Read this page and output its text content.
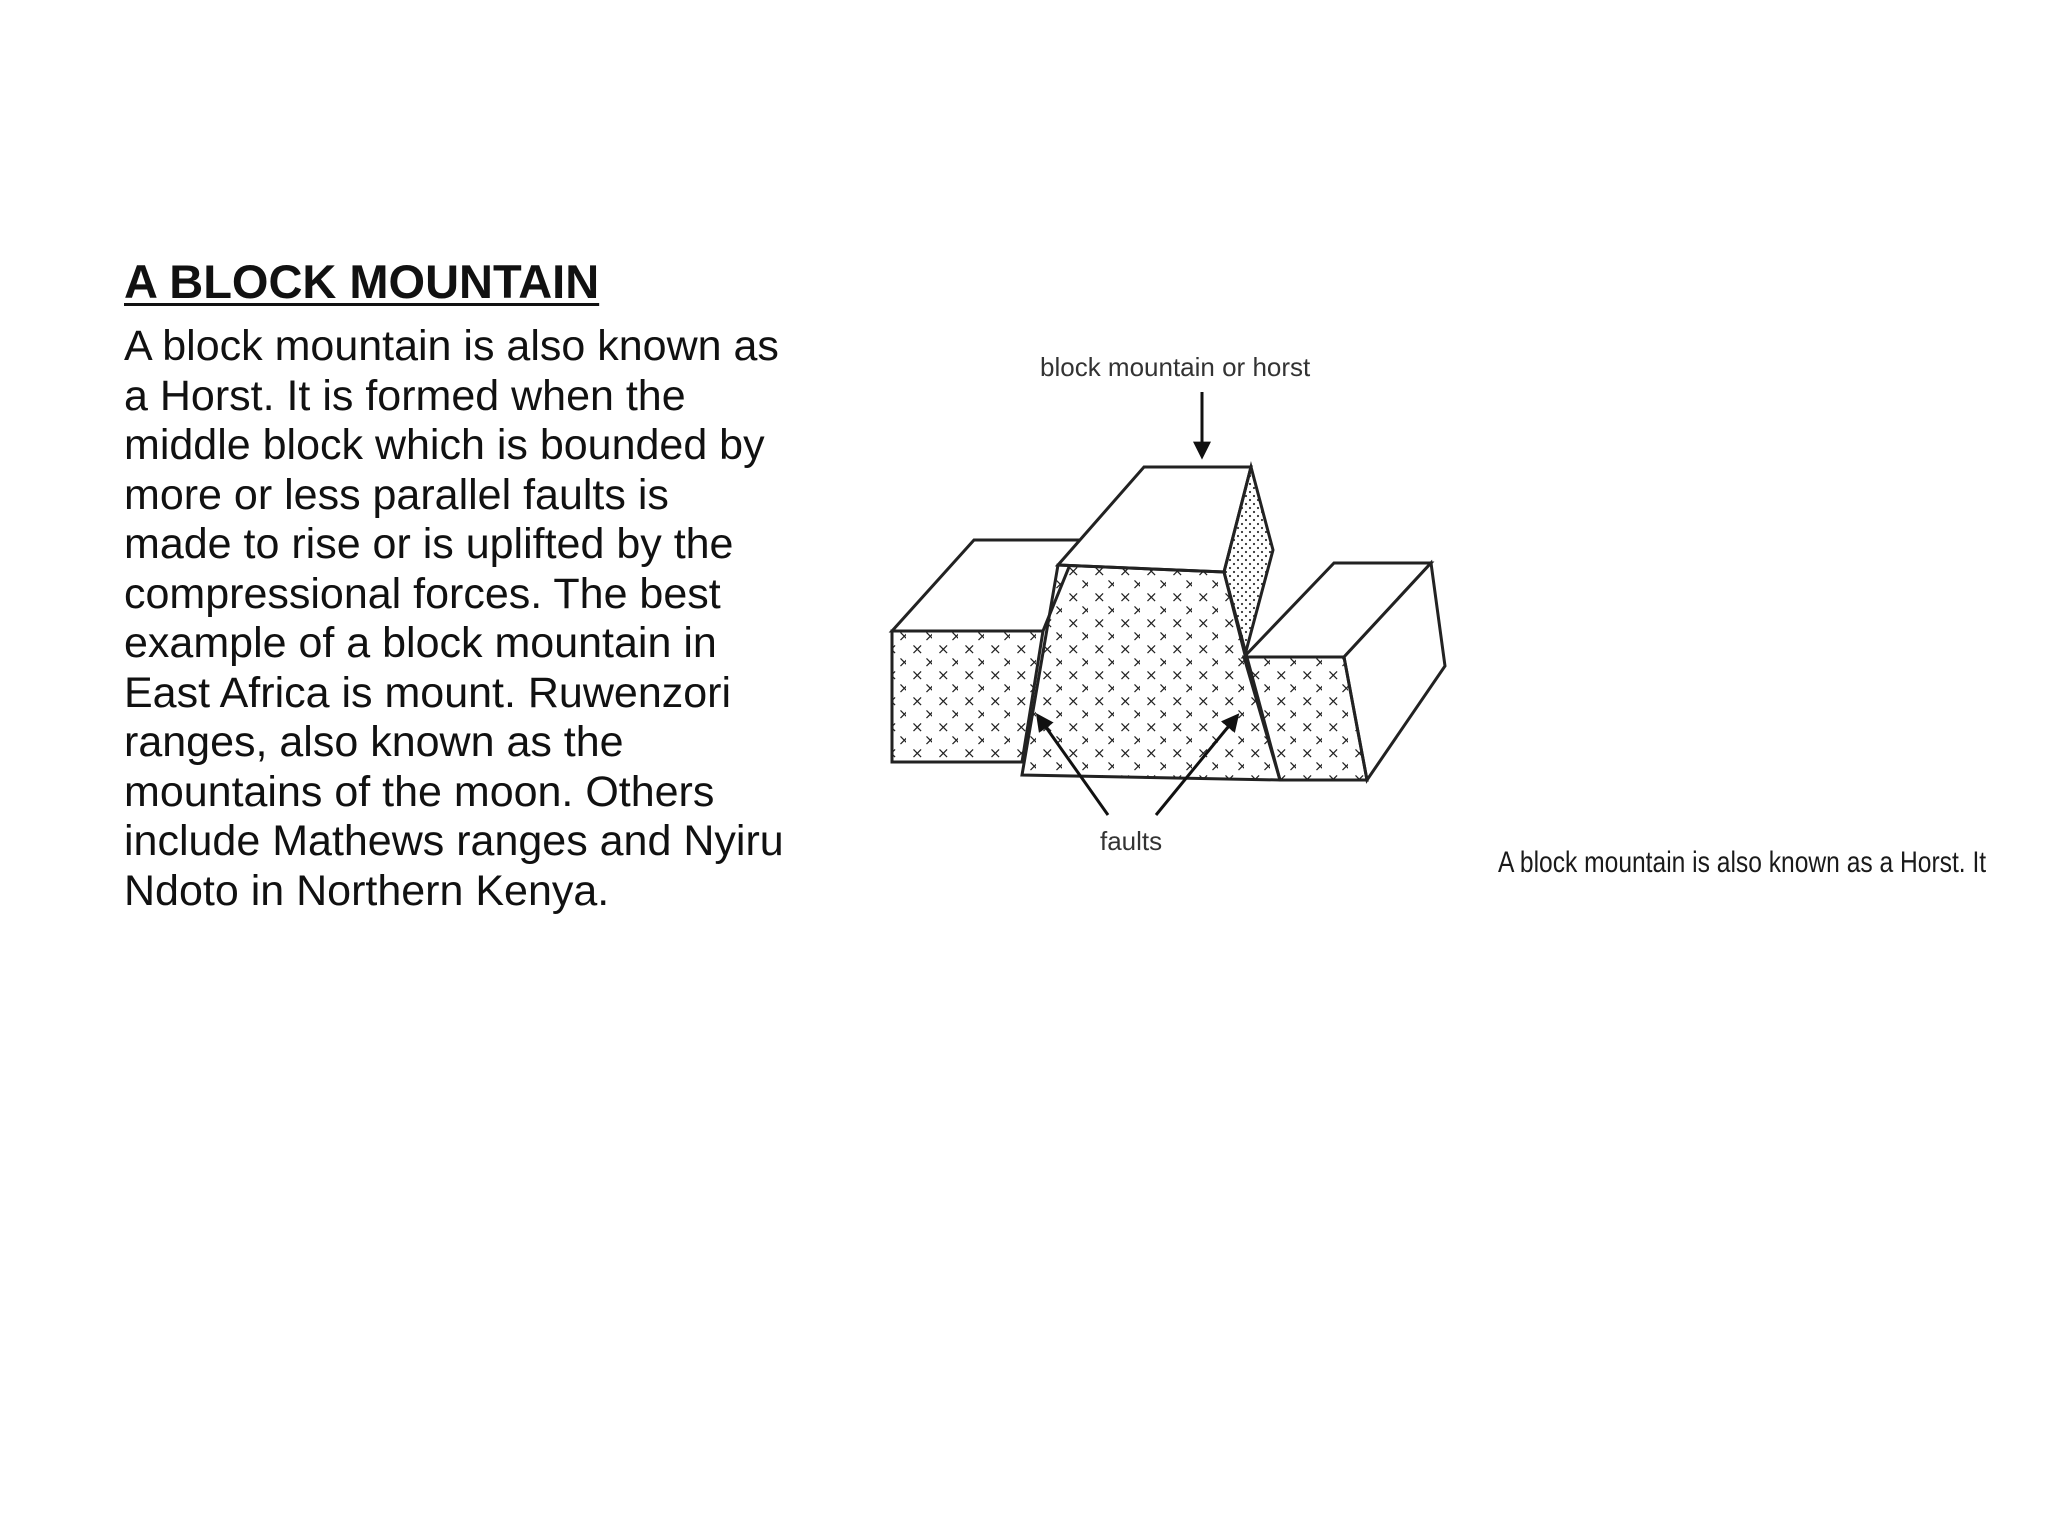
A BLOCK MOUNTAIN

A block mountain is also known as a Horst. It is formed when the middle block which is bounded by more or less parallel faults is made to rise or is uplifted by the compressional forces. The best example of a block mountain in East Africa is mount. Ruwenzori ranges, also known as the mountains of the moon. Others include Mathews ranges and Nyiru Ndoto in Northern Kenya.

block mountain or horst
faults
A block mountain is also known as a Horst. It
